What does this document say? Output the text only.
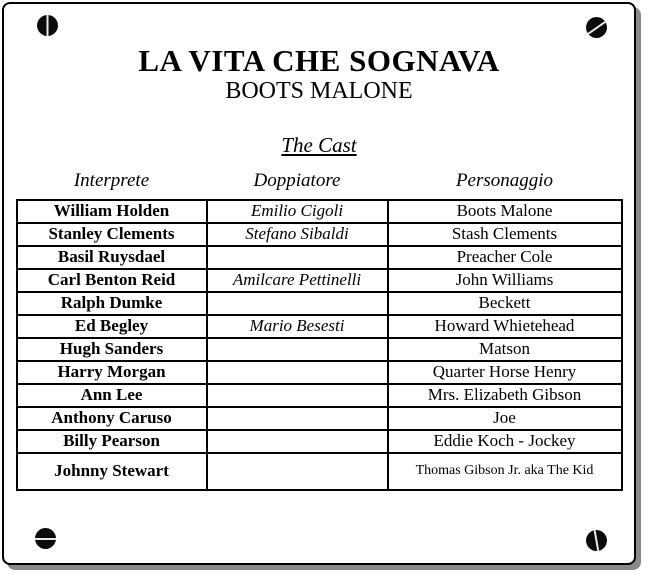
LA VITA CHE SOGNAVA
BOOTS MALONE
The Cast
Interprete	Doppiatore	Personaggio
William Holden	Emilio Cigoli	Boots Malone
Stanley Clements	Stefano Sibaldi	Stash Clements
Basil Ruysdael		Preacher Cole
Carl Benton Reid	Amilcare Pettinelli	John Williams
Ralph Dumke		Beckett
Ed Begley	Mario Besesti	Howard Whietehead
Hugh Sanders		Matson
Harry Morgan		Quarter Horse Henry
Ann Lee		Mrs. Elizabeth Gibson
Anthony Caruso		Joe
Billy Pearson		Eddie Koch - Jockey
Johnny Stewart		Thomas Gibson Jr. aka The Kid
